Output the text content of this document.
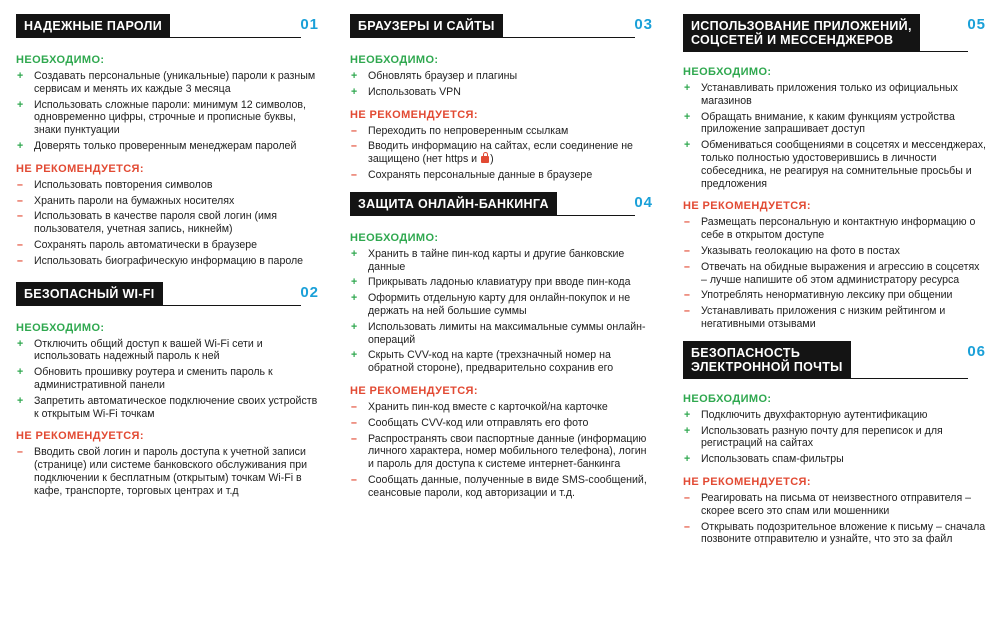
НАДЕЖНЫЕ ПАРОЛИ	01
НЕОБХОДИМО:
+ Создавать персональные (уникальные) пароли к разным сервисам и менять их каждые 3 месяца
+ Использовать сложные пароли: минимум 12 символов, одновременно цифры, строчные и прописные буквы, знаки пунктуации
+ Доверять только проверенным менеджерам паролей
НЕ РЕКОМЕНДУЕТСЯ:
– Использовать повторения символов
– Хранить пароли на бумажных носителях
– Использовать в качестве пароля свой логин (имя пользователя, учетная запись, никнейм)
– Сохранять пароль автоматически в браузере
– Использовать биографическую информацию в пароле
БЕЗОПАСНЫЙ WI-FI	02
НЕОБХОДИМО:
+ Отключить общий доступ к вашей Wi-Fi сети и использовать надежный пароль к ней
+ Обновить прошивку роутера и сменить пароль к административной панели
+ Запретить автоматическое подключение своих устройств к открытым Wi-Fi точкам
НЕ РЕКОМЕНДУЕТСЯ:
– Вводить свой логин и пароль доступа к учетной записи (странице) или системе банковского обслуживания при подключении к бесплатным (открытым) точкам Wi-Fi в кафе, транспорте, торговых центрах и т.д
БРАУЗЕРЫ И САЙТЫ	03
НЕОБХОДИМО:
+ Обновлять браузер и плагины
+ Использовать VPN
НЕ РЕКОМЕНДУЕТСЯ:
– Переходить по непроверенным ссылкам
– Вводить информацию на сайтах, если соединение не защищено (нет https и )
– Сохранять персональные данные в браузере
ЗАЩИТА ОНЛАЙН-БАНКИНГА	04
НЕОБХОДИМО:
+ Хранить в тайне пин-код карты и другие банковские данные
+ Прикрывать ладонью клавиатуру при вводе пин-кода
+ Оформить отдельную карту для онлайн-покупок и не держать на ней большие суммы
+ Использовать лимиты на максимальные суммы онлайн-операций
+ Скрыть CVV-код на карте (трехзначный номер на обратной стороне), предварительно сохранив его
НЕ РЕКОМЕНДУЕТСЯ:
– Хранить пин-код вместе с карточкой/на карточке
– Сообщать CVV-код или отправлять его фото
– Распространять свои паспортные данные (информацию личного характера, номер мобильного телефона), логин и пароль для доступа к системе интернет-банкинга
– Сообщать данные, полученные в виде SMS-сообщений, сеансовые пароли, код авторизации и т.д.
ИСПОЛЬЗОВАНИЕ ПРИЛОЖЕНИЙ,
СОЦСЕТЕЙ И МЕССЕНДЖЕРОВ
05
НЕОБХОДИМО:
+ Устанавливать приложения только из официальных магазинов
+ Обращать внимание, к каким функциям устройства приложение запрашивает доступ
+ Обмениваться сообщениями в соцсетях и мессенджерах, только полностью удостоверившись в личности собеседника, не реагируя на сомнительные просьбы и предложения
НЕ РЕКОМЕНДУЕТСЯ:
– Размещать персональную и контактную информацию о себе в открытом доступе
– Указывать геолокацию на фото в постах
– Отвечать на обидные выражения и агрессию в соцсетях – лучше напишите об этом администратору ресурса
– Употреблять ненормативную лексику при общении
– Устанавливать приложения с низким рейтингом и негативными отзывами
БЕЗОПАСНОСТЬ
ЭЛЕКТРОННОЙ ПОЧТЫ
06
НЕОБХОДИМО:
+ Подключить двухфакторную аутентификацию
+ Использовать разную почту для переписок и для регистраций на сайтах
+ Использовать спам-фильтры
НЕ РЕКОМЕНДУЕТСЯ:
– Реагировать на письма от неизвестного отправителя – скорее всего это спам или мошенники
– Открывать подозрительное вложение к письму – сначала позвоните отправителю и узнайте, что это за файл
